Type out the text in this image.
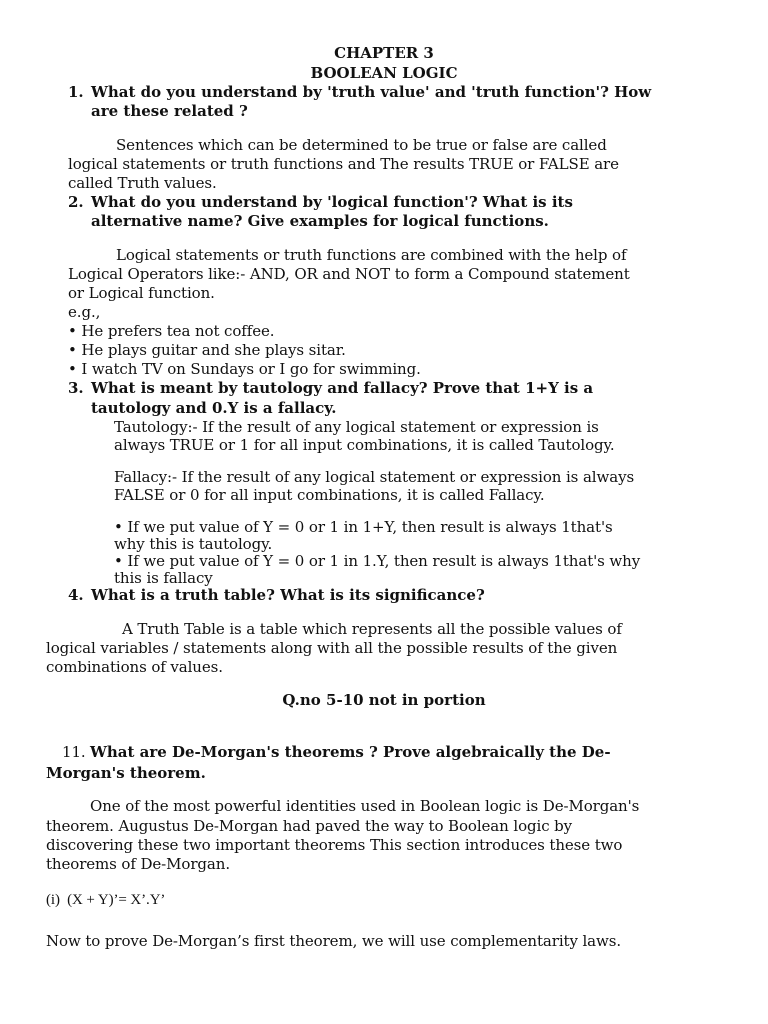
CHAPTER 3
BOOLEAN LOGIC
1. What do you understand by 'truth value' and 'truth function'? How
are these related ?
Sentences which can be determined to be true or false are called
logical statements or truth functions and The results TRUE or FALSE are
called Truth values.
2. What do you understand by 'logical function'? What is its
alternative name? Give examples for logical functions.
Logical statements or truth functions are combined with the help of
Logical Operators like:- AND, OR and NOT to form a Compound statement
or Logical function.
e.g.,
• He prefers tea not coffee.
• He plays guitar and she plays sitar.
• I watch TV on Sundays or I go for swimming.
3. What is meant by tautology and fallacy? Prove that 1+Y is a
tautology and 0.Y is a fallacy.
Tautology:- If the result of any logical statement or expression is
always TRUE or 1 for all input combinations, it is called Tautology.
Fallacy:- If the result of any logical statement or expression is always
FALSE or 0 for all input combinations, it is called Fallacy.
• If we put value of Y = 0 or 1 in 1+Y, then result is always 1that's
why this is tautology.
• If we put value of Y = 0 or 1 in 1.Y, then result is always 1that's why
this is fallacy
4. What is a truth table? What is its significance?
A Truth Table is a table which represents all the possible values of
logical variables / statements along with all the possible results of the given
combinations of values.
Q.no 5-10 not in portion
11. What are De-Morgan's theorems ? Prove algebraically the De-
Morgan's theorem.
One of the most powerful identities used in Boolean logic is De-Morgan's
theorem. Augustus De-Morgan had paved the way to Boolean logic by
discovering these two important theorems This section introduces these two
theorems of De-Morgan.
(i)  (X + Y)’= X’.Y’
Now to prove De-Morgan’s first theorem, we will use complementarity laws.
